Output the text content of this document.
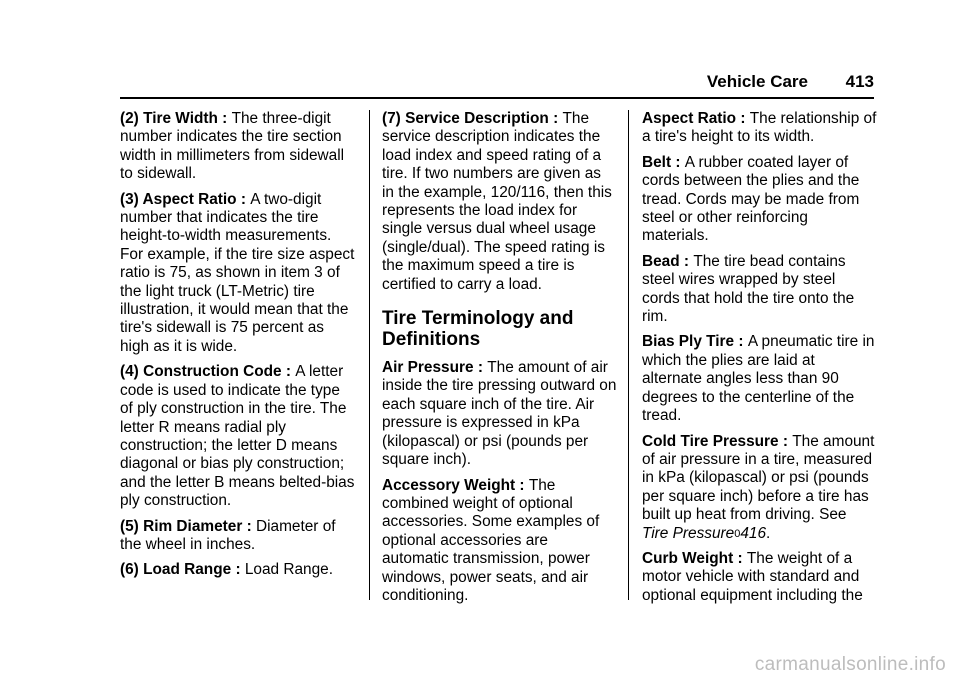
Vehicle Care 413

(2) Tire Width : The three-digit number indicates the tire section width in millimeters from sidewall to sidewall.

(3) Aspect Ratio : A two-digit number that indicates the tire height-to-width measurements. For example, if the tire size aspect ratio is 75, as shown in item 3 of the light truck (LT-Metric) tire illustration, it would mean that the tire's sidewall is 75 percent as high as it is wide.

(4) Construction Code : A letter code is used to indicate the type of ply construction in the tire. The letter R means radial ply construction; the letter D means diagonal or bias ply construction; and the letter B means belted-bias ply construction.

(5) Rim Diameter : Diameter of the wheel in inches.

(6) Load Range : Load Range.

(7) Service Description : The service description indicates the load index and speed rating of a tire. If two numbers are given as in the example, 120/116, then this represents the load index for single versus dual wheel usage (single/dual). The speed rating is the maximum speed a tire is certified to carry a load.

Tire Terminology and Definitions

Air Pressure : The amount of air inside the tire pressing outward on each square inch of the tire. Air pressure is expressed in kPa (kilopascal) or psi (pounds per square inch).

Accessory Weight : The combined weight of optional accessories. Some examples of optional accessories are automatic transmission, power windows, power seats, and air conditioning.

Aspect Ratio : The relationship of a tire's height to its width.

Belt : A rubber coated layer of cords between the plies and the tread. Cords may be made from steel or other reinforcing materials.

Bead : The tire bead contains steel wires wrapped by steel cords that hold the tire onto the rim.

Bias Ply Tire : A pneumatic tire in which the plies are laid at alternate angles less than 90 degrees to the centerline of the tread.

Cold Tire Pressure : The amount of air pressure in a tire, measured in kPa (kilopascal) or psi (pounds per square inch) before a tire has built up heat from driving. See Tire Pressure0416.

Curb Weight : The weight of a motor vehicle with standard and optional equipment including the

carmanualsonline.info
